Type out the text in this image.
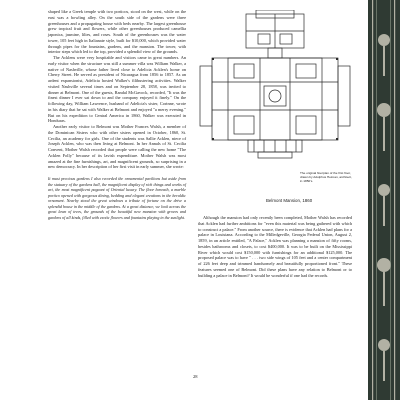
shaped like a Greek temple with two porticos, stood on the west, while on the east was a bowling alley. On the south side of the gardens were three greenhouses and a propagating house with beds nearby. The largest greenhouse grew tropical fruit and flowers, while other greenhouses produced camellia japonica, jasmine, lilies, and roses. South of the greenhouses was the water tower, 105 feet high in Italianate style, built for $10,000, which provided water through pipes for the fountains, gardens, and the mansion. The tower, with interior steps which led to the top, provided a splendid view of the grounds.

The Acklens were very hospitable and visitors came in great numbers. An early visitor when the structure was still a summer villa was William Walker, a native of Nashville, whose father lived close to Adelicia Acklen's home on Cherry Street. He served as president of Nicaragua from 1856 to 1857. As an ardent expansionist, Adelicia hosted Walker's filibustering activities. Walker visited Nashville several times and on September 28, 1858, was invited to dinner at Belmont. One of the guests, Randal McGavock, recorded, "It was the finest dinner I ever sat down to and the company enjoyed it finely." On the following day, William Lawrence, husband of Adelicia's sister, Corinne, wrote in his diary that he sat with Walker at Belmont and enjoyed "a merry evening." But on his expedition to Central America in 1860, Walker was executed in Honduras.

Another early visitor to Belmont was Mother Frances Walsh, a member of the Dominican Sisters who with other sisters opened in October, 1860, St. Cecilia, an academy for girls. One of the students was Sallie Acklen, niece of Joseph Acklen, who was then living at Belmont. In her Annals of St. Cecilia Convent, Mother Walsh recorded that people were calling the new home "The Acklen Folly" because of its lavish expenditure. Mother Walsh was most amazed at the fine furnishings, art, and magnificent grounds, so surprising in a new democracy. In her description of her first visit in early summer, she wrote:

It must precious gardens I also recorded the ornamental pavilions but aside from the statuary of the gardens hall, the magnificent display of rich things and works of art, the most magnificent pageant of Oriental luxury. The floor beneath, a marble portico opened with gorgeous dining, bedding and elegant creations in the heraldic ornament. Nearby stood the great windows a tribute of fortune on the drive a splendid house in the middle of the gardens. At a great distance, we look across the great lawn of trees, the grounds of the beautiful new mansion with groves and gardens of all kinds, filled with exotic flowers and fountains playing in the sunlight.

The original floorplan of the first floor, drawn by Adolphus Heiman, architect, in 1850's.
Belmont Mansion, 1860

Although the mansion had only recently been completed, Mother Walsh has recorded that Acklen had further ambitions for "even this material was being gathered with which to construct a palace." From another source, there is evidence that Acklen had plans for a palace in Louisiana. According to the Milledgeville, Georgia Federal Union, August 2, 1859, in an article entitled, "A Palace," Acklen was planning a mansion of fifty rooms, besides bathrooms and closets, to cost $400,000. It was to be built on the Mississippi River which would cost $150,000 with furnishings for an additional $125,000. The proposed palace was to have " . . . two side wings of 105 feet and a center compartment of 226 feet deep and trimmed handsomely and beautifully proportioned front." These features seemed one of Belmont. Did these plans have any relation to Belmont or to building a palace in Belmont? It would be wonderful if one had the records.

28
